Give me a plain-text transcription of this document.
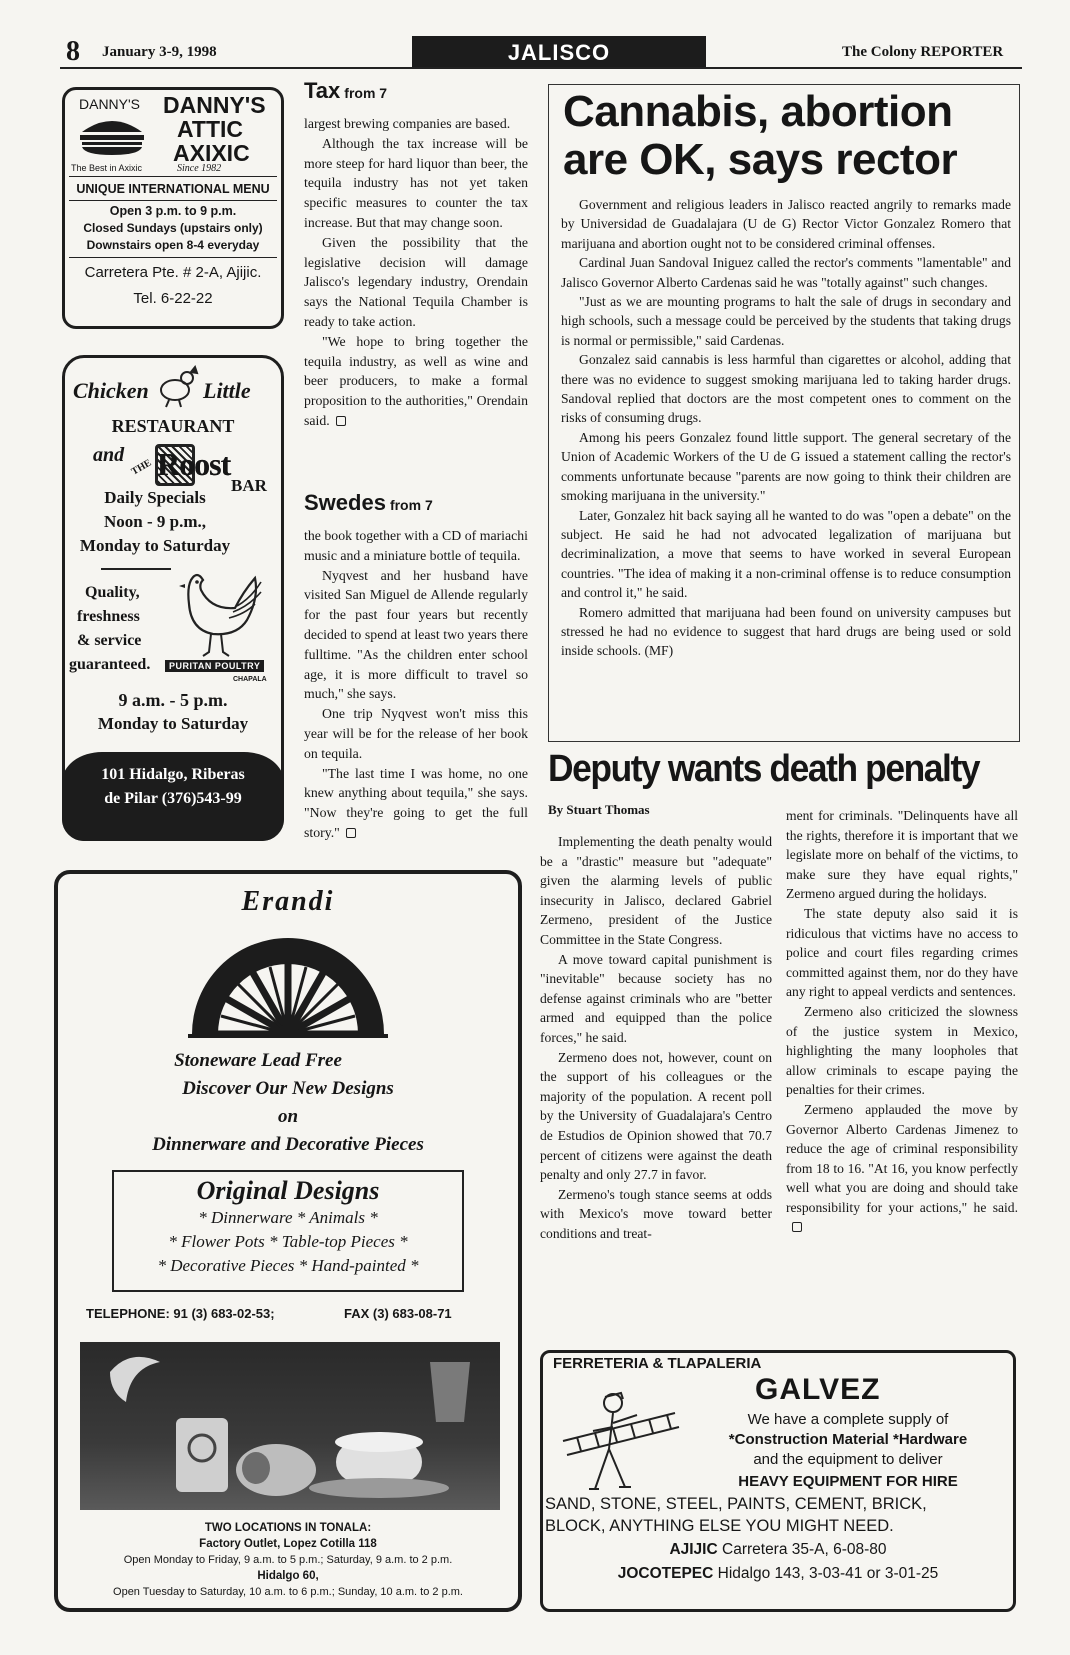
8 January 3-9, 1998	JALISCO	The Colony REPORTER
DANNY'S DANNY'S
ATTIC
AXIXIC
The Best in Axixic	Since 1982
UNIQUE INTERNATIONAL MENU
Open 3 p.m. to 9 p.m.
Closed Sundays (upstairs only)
Downstairs open 8-4 everyday
Carretera Pte. # 2-A, Ajijic.
Tel. 6-22-22
Chicken Little
RESTAURANT
and
THE Roost
BAR
Daily Specials
Noon - 9 p.m.,
Monday to Saturday
Quality,
freshness
& service
guaranteed.	PURITAN POULTRY
CHAPALA
9 a.m. - 5 p.m.
Monday to Saturday
101 Hidalgo, Riberas
de Pilar (376)543-99
Tax from 7

largest brewing companies are based.

Although the tax increase will be more steep for hard liquor than beer, the tequila industry has not yet taken specific measures to counter the tax increase. But that may change soon.

Given the possibility that the legislative decision will damage Jalisco's legendary industry, Orendain says the National Tequila Chamber is ready to take action.

"We hope to bring together the tequila industry, as well as wine and beer producers, to make a formal proposition to the authorities," Orendain said.

Swedes from 7

the book together with a CD of mariachi music and a miniature bottle of tequila.

Nyqvest and her husband have visited San Miguel de Allende regularly for the past four years but recently decided to spend at least two years there fulltime. "As the children enter school age, it is more difficult to travel so much," she says.

One trip Nyqvest won't miss this year will be for the release of her book on tequila.

"The last time I was home, no one knew anything about tequila," she says. "Now they're going to get the full story."

Cannabis, abortion
are OK, says rector

Government and religious leaders in Jalisco reacted angrily to remarks made by Universidad de Guadalajara (U de G) Rector Victor Gonzalez Romero that marijuana and abortion ought not to be considered criminal offenses.

Cardinal Juan Sandoval Iniguez called the rector's comments "lamentable" and Jalisco Governor Alberto Cardenas said he was "totally against" such changes.

"Just as we are mounting programs to halt the sale of drugs in secondary and high schools, such a message could be perceived by the students that taking drugs is normal or permissible," said Cardenas.

Gonzalez said cannabis is less harmful than cigarettes or alcohol, adding that there was no evidence to suggest smoking marijuana led to taking harder drugs. Sandoval replied that doctors are the most competent ones to comment on the risks of consuming drugs.

Among his peers Gonzalez found little support. The general secretary of the Union of Academic Workers of the U de G issued a statement calling the rector's comments unfortunate because "parents are now going to think their children are smoking marijuana in the university."

Later, Gonzalez hit back saying all he wanted to do was "open a debate" on the subject. He said he had not advocated legalization of marijuana but decriminalization, a move that seems to have worked in several European countries. "The idea of making it a non-criminal offense is to reduce consumption and control it," he said.

Romero admitted that marijuana had been found on university campuses but stressed he had no evidence to suggest that hard drugs are being used or sold inside schools. (MF)

Deputy wants death penalty
By Stuart Thomas

Implementing the death penalty would be a "drastic" measure but "adequate" given the alarming levels of public insecurity in Jalisco, declared Gabriel Zermeno, president of the Justice Committee in the State Congress.

A move toward capital punishment is "inevitable" because society has no defense against criminals who are "better armed and equipped than the police forces," he said.

Zermeno does not, however, count on the support of his colleagues or the majority of the population. A recent poll by the University of Guadalajara's Centro de Estudios de Opinion showed that 70.7 percent of citizens were against the death penalty and only 27.7 in favor.

Zermeno's tough stance seems at odds with Mexico's move toward better conditions and treat-

ment for criminals. "Delinquents have all the rights, therefore it is important that we legislate more on behalf of the victims, to make sure they have equal rights," Zermeno argued during the holidays.

The state deputy also said it is ridiculous that victims have no access to police and court files regarding crimes committed against them, nor do they have any right to appeal verdicts and sentences.

Zermeno also criticized the slowness of the justice system in Mexico, highlighting the many loopholes that allow criminals to escape paying the penalties for their crimes.

Zermeno applauded the move by Governor Alberto Cardenas Jimenez to reduce the age of criminal responsibility from 18 to 16. "At 16, you know perfectly well what you are doing and should take responsibility for your actions," he said.

Erandi
Stoneware Lead Free
Discover Our New Designs
on
Dinnerware and Decorative Pieces
Original Designs
* Dinnerware * Animals *
* Flower Pots * Table-top Pieces *
* Decorative Pieces * Hand-painted *
TELEPHONE: 91 (3) 683-02-53;	FAX (3) 683-08-71
TWO LOCATIONS IN TONALA:
Factory Outlet, Lopez Cotilla 118
Open Monday to Friday, 9 a.m. to 5 p.m.; Saturday, 9 a.m. to 2 p.m.
Hidalgo 60,
Open Tuesday to Saturday, 10 a.m. to 6 p.m.; Sunday, 10 a.m. to 2 p.m.
FERRETERIA & TLAPALERIA
GALVEZ
We have a complete supply of
*Construction Material *Hardware
and the equipment to deliver
HEAVY EQUIPMENT FOR HIRE
SAND, STONE, STEEL, PAINTS, CEMENT, BRICK,
BLOCK, ANYTHING ELSE YOU MIGHT NEED.
AJIJIC Carretera 35-A, 6-08-80
JOCOTEPEC Hidalgo 143, 3-03-41 or 3-01-25
